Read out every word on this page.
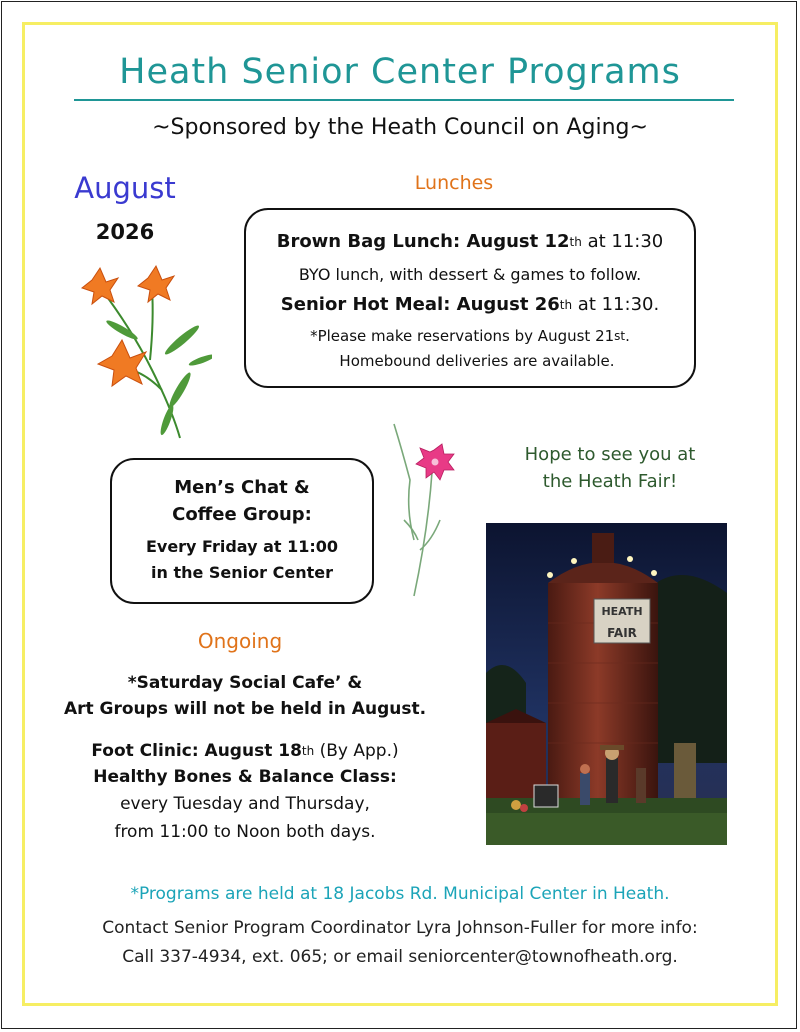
Heath Senior Center Programs
~Sponsored by the Heath Council on Aging~
August
2026
Lunches
Brown Bag Lunch: August 12th at 11:30
BYO lunch, with dessert & games to follow.
Senior Hot Meal: August 26th at 11:30.
*Please make reservations by August 21st.
Homebound deliveries are available.
Men’s Chat &
Coffee Group:
Every Friday at 11:00
in the Senior Center
Hope to see you at
the Heath Fair!
HEATH
FAIR
Ongoing
*Saturday Social Cafe’ &
Art Groups will not be held in August.
Foot Clinic: August 18th (By App.)
Healthy Bones & Balance Class:
every Tuesday and Thursday,
from 11:00 to Noon both days.
*Programs are held at 18 Jacobs Rd. Municipal Center in Heath.
Contact Senior Program Coordinator Lyra Johnson-Fuller for more info:
Call 337-4934, ext. 065; or email seniorcenter@townofheath.org.
